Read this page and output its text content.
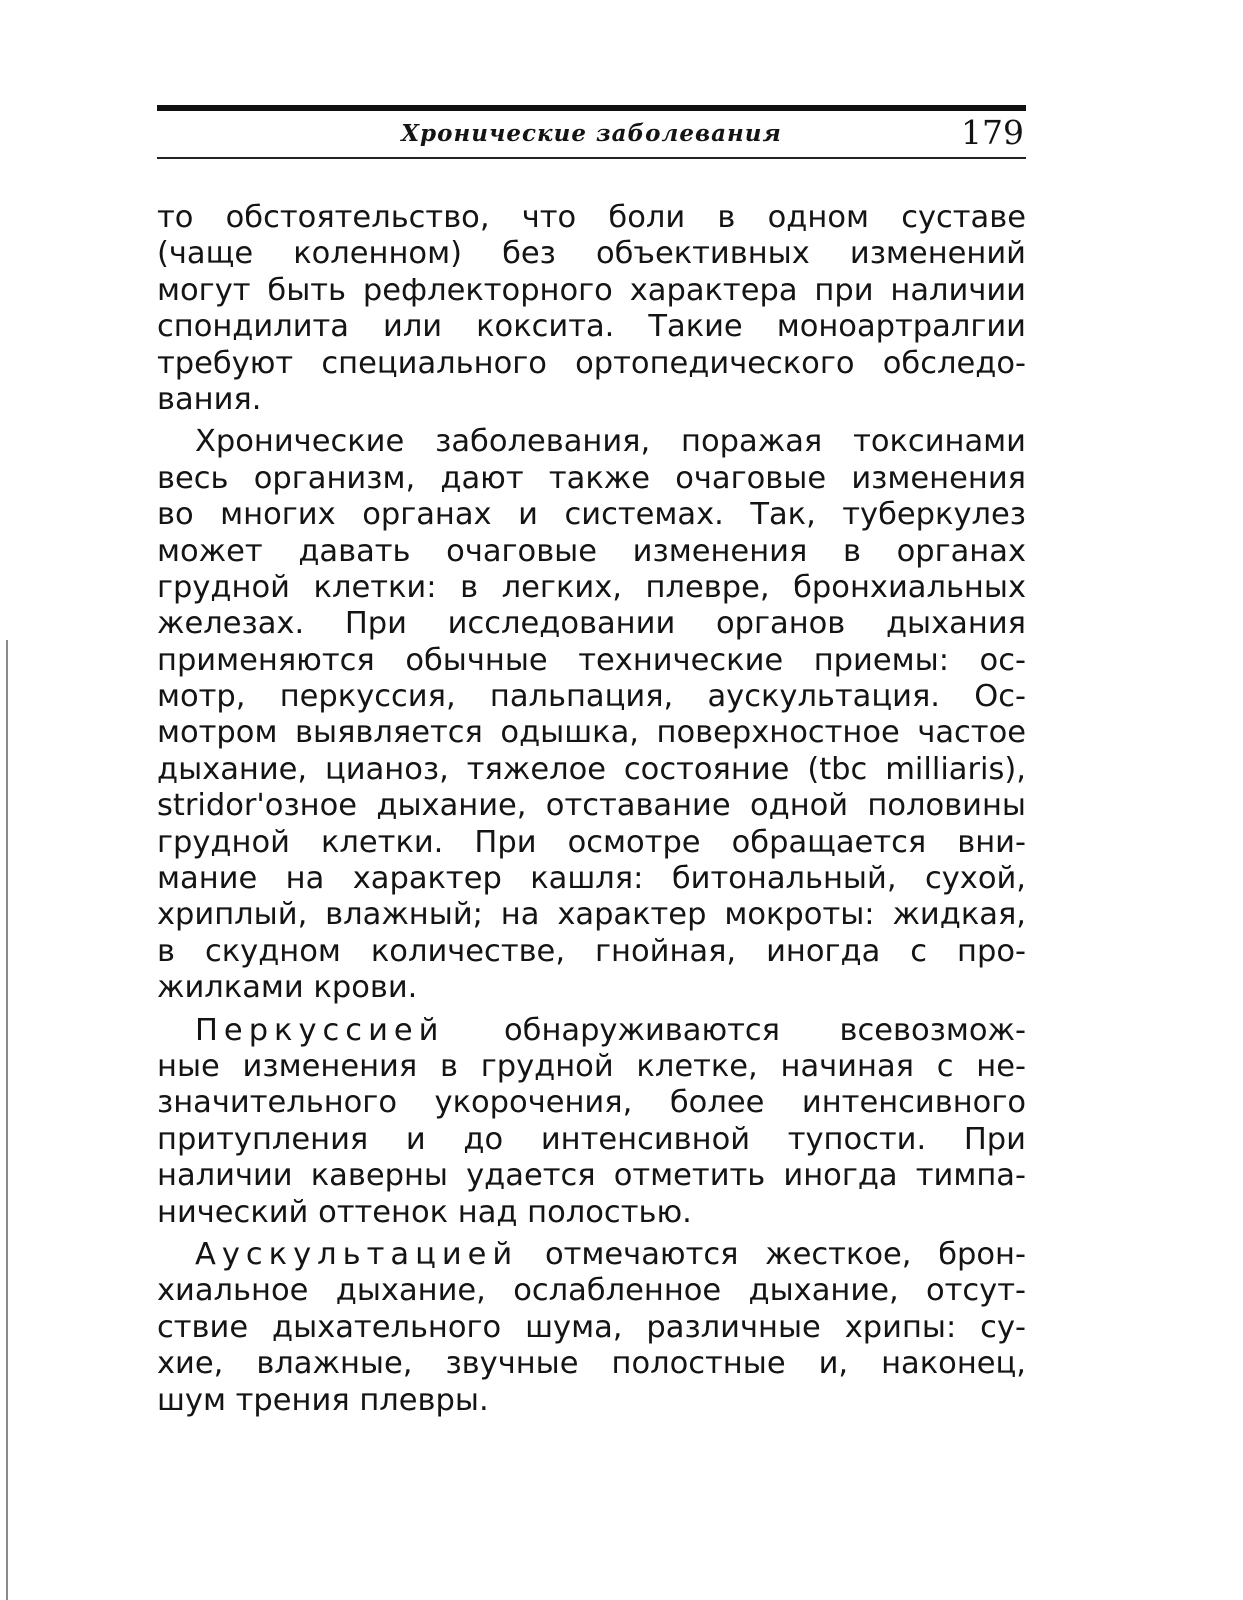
Хронические заболевания	179
то обстоятельство, что боли в одном суставе
(чаще коленном) без объективных изменений
могут быть рефлекторного характера при наличии
спондилита или коксита. Такие моноартралгии
требуют специального ортопедического обследо-
вания.
Хронические заболевания, поражая токсинами
весь организм, дают также очаговые изменения
во многих органах и системах. Так, туберкулез
может давать очаговые изменения в органах
грудной клетки: в легких, плевре, бронхиальных
железах. При исследовании органов дыхания
применяются обычные технические приемы: ос-
мотр, перкуссия, пальпация, аускультация. Ос-
мотром выявляется одышка, поверхностное частое
дыхание, цианоз, тяжелое состояние (tbc milliaris),
stridor'озное дыхание, отставание одной половины
грудной клетки. При осмотре обращается вни-
мание на характер кашля: битональный, сухой,
хриплый, влажный; на характер мокроты: жидкая,
в скудном количестве, гнойная, иногда с про-
жилками крови.
Перкуссией обнаруживаются всевозмож-
ные изменения в грудной клетке, начиная с не-
значительного укорочения, более интенсивного
притупления и до интенсивной тупости. При
наличии каверны удается отметить иногда тимпа-
нический оттенок над полостью.
Аускультацией отмечаются жесткое, брон-
хиальное дыхание, ослабленное дыхание, отсут-
ствие дыхательного шума, различные хрипы: су-
хие, влажные, звучные полостные и, наконец,
шум трения плевры.
